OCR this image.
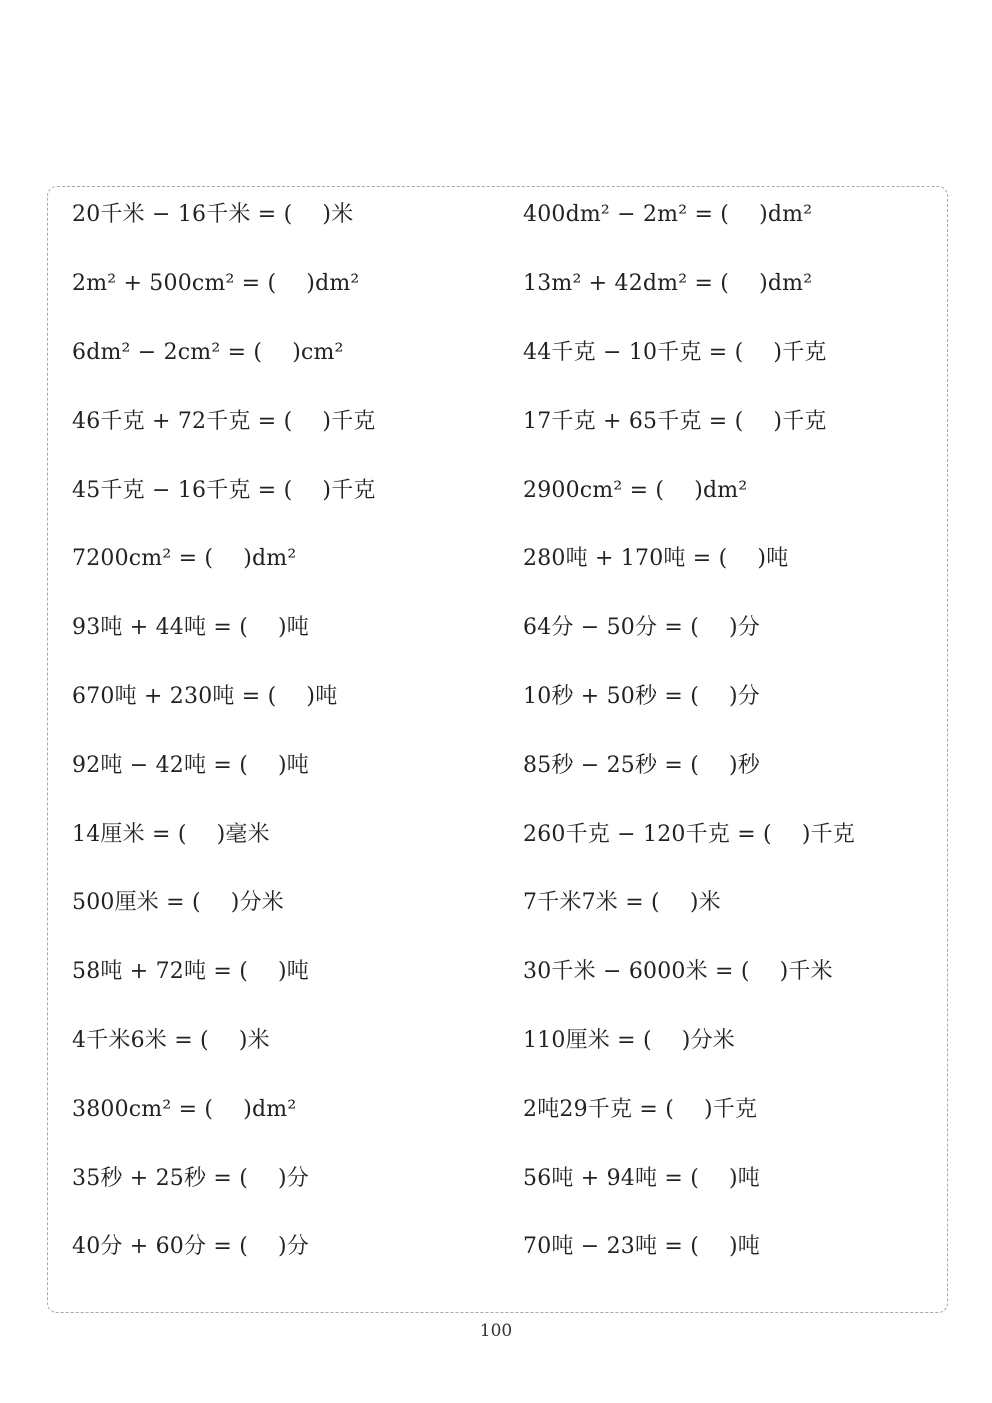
20千米 − 16千米 = ( )米	400dm² − 2m² = ( )dm²
2m² + 500cm² = ( )dm²	13m² + 42dm² = ( )dm²
6dm² − 2cm² = ( )cm²	44千克 − 10千克 = ( )千克
46千克 + 72千克 = ( )千克	17千克 + 65千克 = ( )千克
45千克 − 16千克 = ( )千克	2900cm² = ( )dm²
7200cm² = ( )dm²	280吨 + 170吨 = ( )吨
93吨 + 44吨 = ( )吨	64分 − 50分 = ( )分
670吨 + 230吨 = ( )吨	10秒 + 50秒 = ( )分
92吨 − 42吨 = ( )吨	85秒 − 25秒 = ( )秒
14厘米 = ( )毫米	260千克 − 120千克 = ( )千克
500厘米 = ( )分米	7千米7米 = ( )米
58吨 + 72吨 = ( )吨	30千米 − 6000米 = ( )千米
4千米6米 = ( )米	110厘米 = ( )分米
3800cm² = ( )dm²	2吨29千克 = ( )千克
35秒 + 25秒 = ( )分	56吨 + 94吨 = ( )吨
40分 + 60分 = ( )分	70吨 − 23吨 = ( )吨
100
